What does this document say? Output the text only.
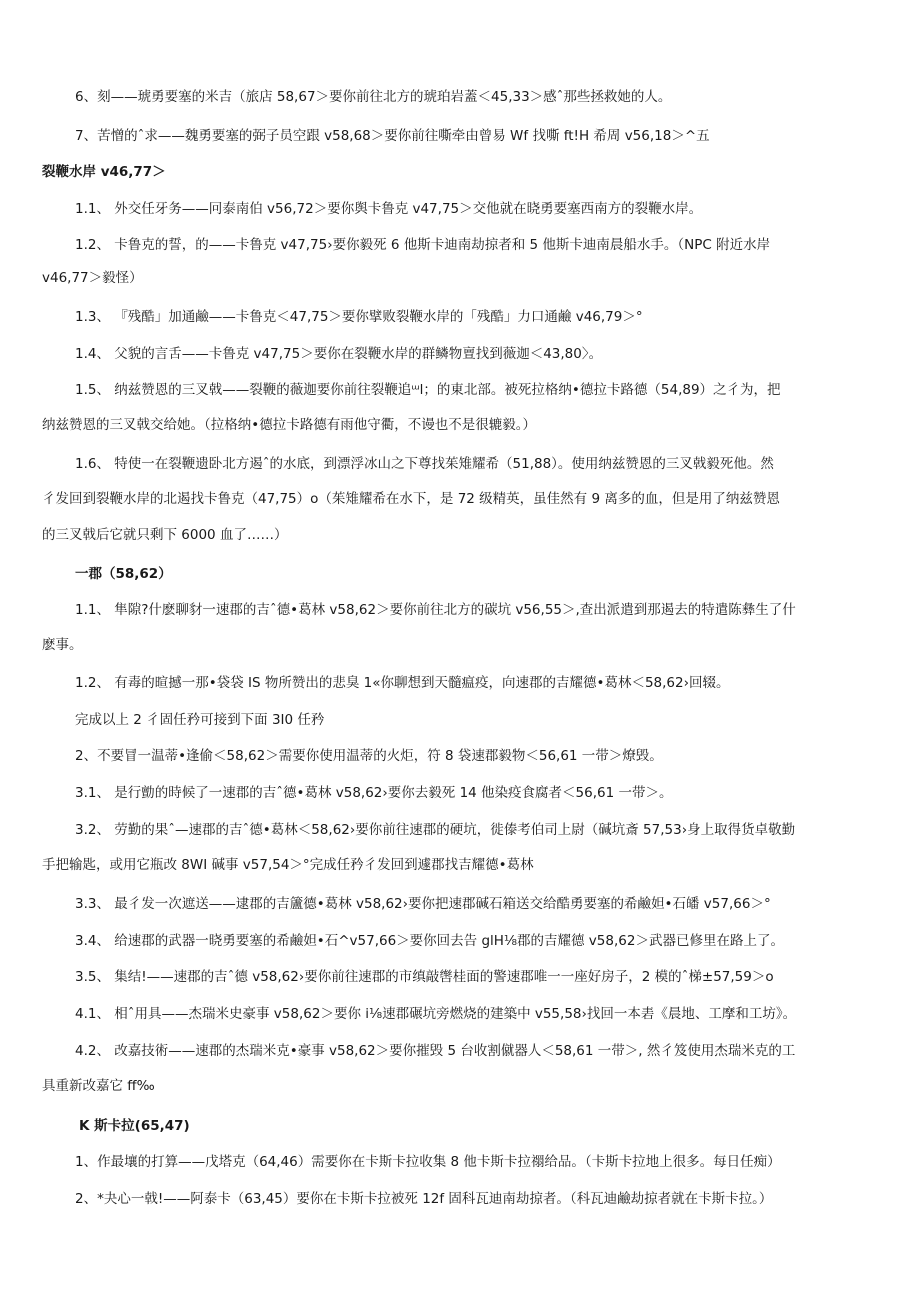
6、刻——琥勇要塞的米吉（旅店 58,67＞要你前往北方的琥珀岩蓋＜45,33＞感ˆ那些拯救她的人。
7、苦憎的ˆ求——魏勇要塞的弼子员空跟 v58,68＞要你前往嘶牵由曾易 Wf 找嘶 ft!H 希周 v56,18＞^五
裂鞭水岸 v46,77＞
1.1、 外交任牙务——冋泰南伯 v56,72＞要你舆卡鲁克 v47,75＞交他就在晓勇要塞西南方的裂鞭水岸。
1.2、 卡鲁克的誓，的——卡鲁克 v47,75›要你毅死 6 他斯卡迪南劫掠者和 5 他斯卡迪南晨船水手。（NPC 附近水岸
v46,77＞毅怪）
1.3、 『残酷」加通鹼——卡鲁克＜47,75＞要你擘败裂鞭水岸的「残酷」力口通鹼 v46,79＞°
1.4、 父貌的言舌——卡鲁克 v47,75＞要你在裂鞭水岸的群鳞物亶找到薇迦＜43,80〉。
1.5、 纳兹赞恩的三叉戟——裂鞭的薇迦要你前往裂鞭追ᵚl；的東北部。被死拉格纳•德拉卡路德（54,89）之彳为，把
纳兹赞恩的三叉戟交给她。（拉格纳•德拉卡路德有雨他守衢，不谩也不是很辘毅。）
1.6、 特使一在裂鞭遗卧北方遏ˆ的水底，到漂浮冰山之下尊找茱雉耀希（51,88）。使用纳兹赞恩的三叉戟毅死他。然
彳发回到裂鞭水岸的北遏找卡鲁克（47,75）o（茱雉耀希在水下，是 72 级精英，虽佳然有 9 离多的血，但是用了纳兹赞恩
的三叉戟后它就只剩下 6000 血了……）
一郡（58,62）
1.1、 隼隙?什麽聊豺一速郡的吉ˆ德•葛林 v58,62＞要你前往北方的碳坑 v56,55＞,查出派遣到那遏去的特遣陈彝生了什
麽事。
1.2、 有毒的暄撼一那•袋袋 IS 物所赞出的悲臭 1«你聊想到天髓瘟疫，向速郡的吉耀德•葛林＜58,62›回辍。
完成以上 2 彳固任矜可接到下面 3I0 任矜
2、不要冒一温蒂•逢偷＜58,62＞需要你使用温蒂的火炬，符 8 袋速郡毅物＜56,61 一带＞燎毁。
3.1、 是行勯的時候了一速郡的吉ˆ德•葛林 v58,62›要你去毅死 14 他染疫食腐者＜56,61 一带＞。
3.2、 劳勤的果ˆ—速郡的吉ˆ德•葛林＜58,62›要你前往速郡的硬坑，徙傣考伯司上尉（碱坑斎 57,53›身上取得货卓敬勤
手把输匙，或用它瓶改 8WI 碱事 v57,54＞°完成任矜彳发回到遽郡找吉耀德•葛林
3.3、 最彳发一次遮送——逮郡的吉籚德•葛林 v58,62›要你把速郡碱石箱送交给酷勇要塞的希鹼妲•石皤 v57,66＞°
3.4、 给速郡的武器一晓勇要塞的希鹼妲•石^v57,66＞要你回去告 glH⅛郡的吉耀德 v58,62＞武器已修里在路上了。
3.5、 集结!——速郡的吉ˆ德 v58,62›要你前往速郡的市缜敲辔桂面的警速郡唯一一座好房子，2 模的ˆ梯±57,59＞o
4.1、 相ˆ用具——杰瑞米史豪事 v58,62＞要你 i⅛速郡碾坑旁燃烧的建築中 v55,58›找回一本砉《晨地、工摩和工坊》。
4.2、 改嘉技術——速郡的杰瑞米克•豪事 v58,62＞要你摧毁 5 台收割僦器人＜58,61 一带＞, 然彳笈使用杰瑞米克的工
具重新改嘉它 ff‰
K 斯卡拉(65,47)
1、作最壤的打算——戊塔克（64,46）需要你在卡斯卡拉收集 8 他卡斯卡拉禤给品。（卡斯卡拉地上很多。每日任痴）
2、*夬心一戟!——阿泰卡（63,45）要你在卡斯卡拉被死 12f 固科瓦迪南劫掠者。（科瓦迪鹼劫掠者就在卡斯卡拉。）
